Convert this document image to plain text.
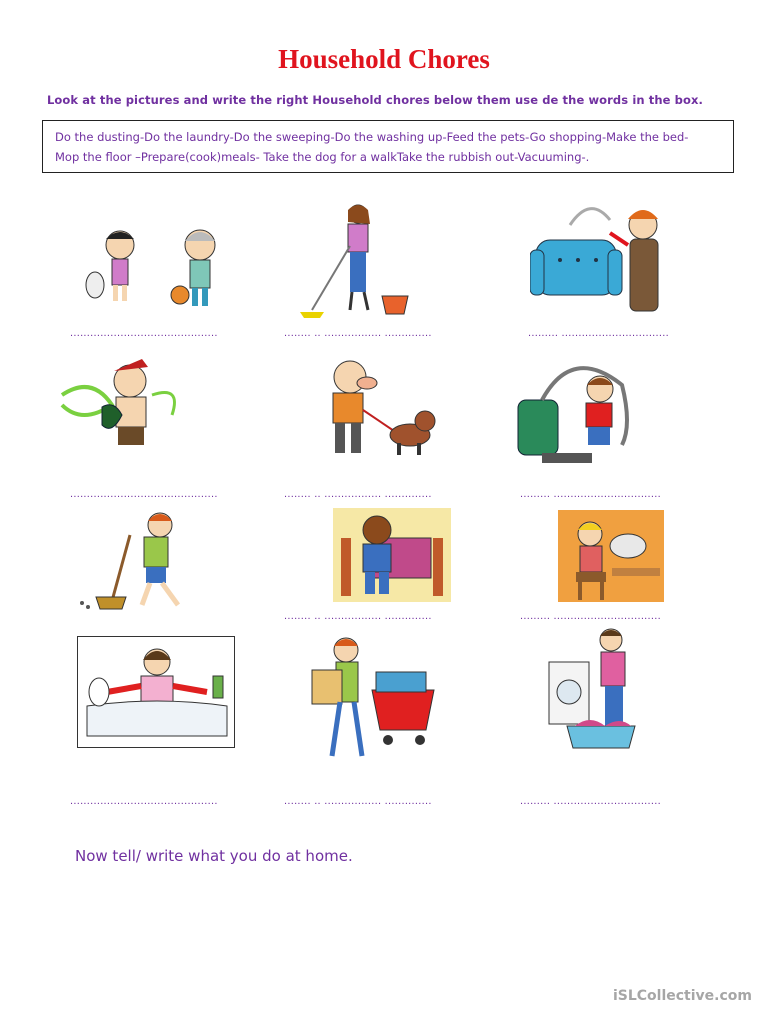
Household Chores
Look at the pictures and write the right Household chores below them use de the words in the box.
Do the dusting-Do the laundry-Do the sweeping-Do the washing up-Feed the pets-Go shopping-Make the bed-
Mop the floor –Prepare(cook)meals- Take the dog for a walkTake the rubbish out-Vacuuming-.
............................................	........ .. ................. ..............	......... ................................
............................................	........ .. ................. ..............	......... ................................
........ .. ................. ..............	......... ................................
............................................	........ .. ................. ..............	......... ................................
Now tell/ write what you do at home.
iSLCollective.com
